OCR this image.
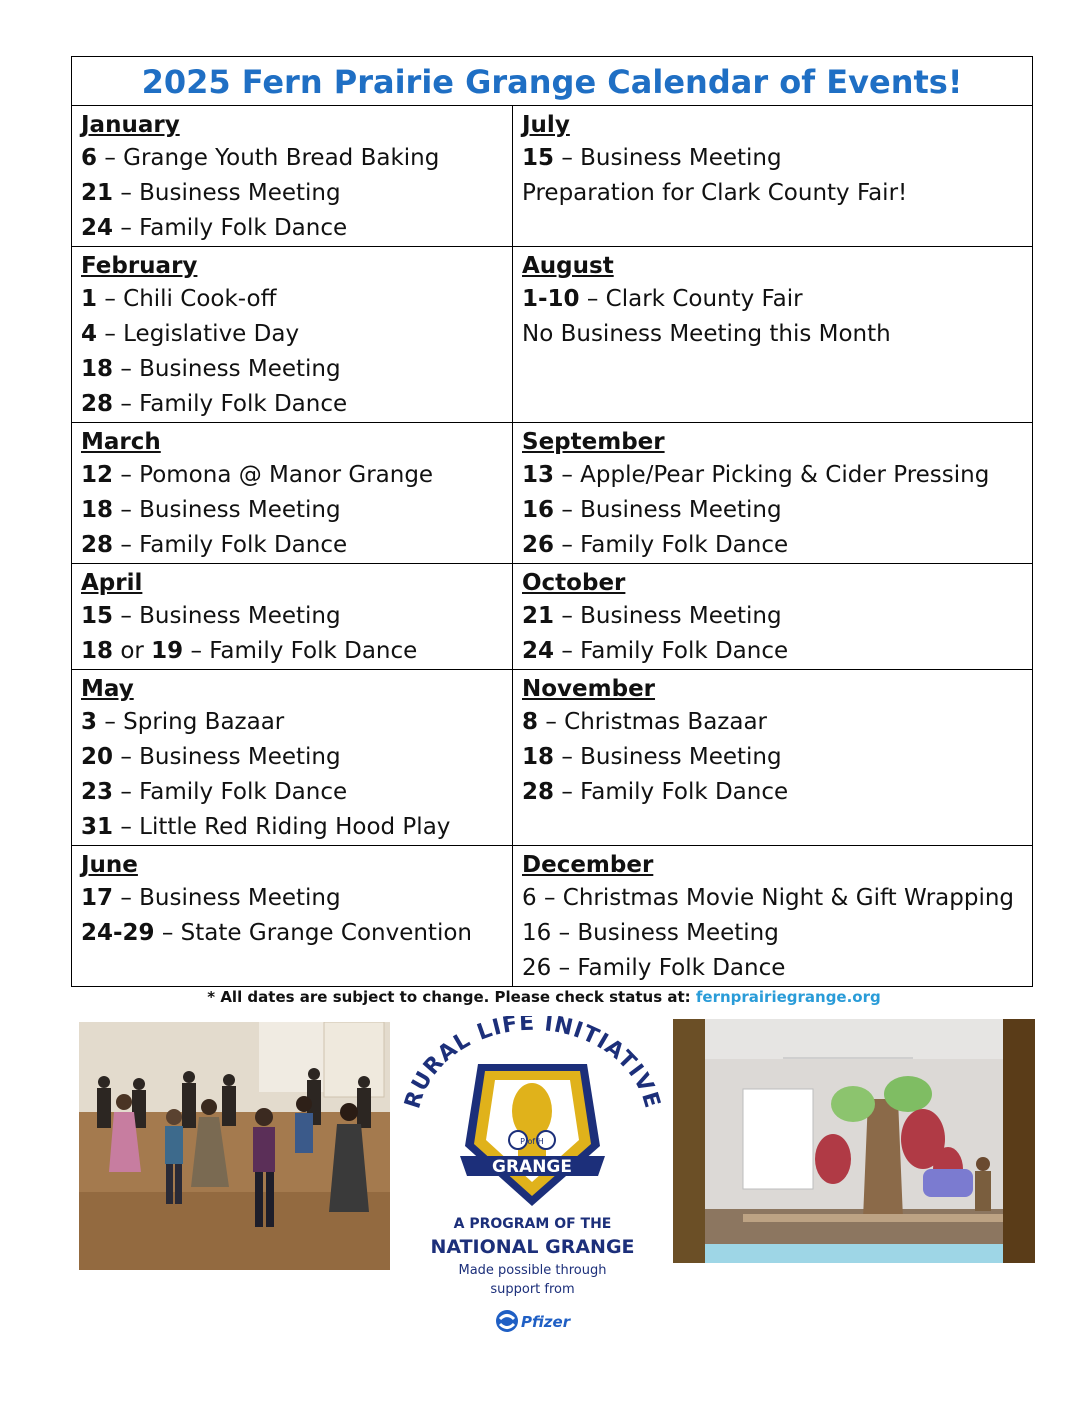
2025 Fern Prairie Grange Calendar of Events!
January
6 – Grange Youth Bread Baking
21 – Business Meeting
24 – Family Folk Dance
July
15 – Business Meeting
Preparation for Clark County Fair!
February
1 – Chili Cook-off
4 – Legislative Day
18 – Business Meeting
28 – Family Folk Dance
August
1-10 – Clark County Fair
No Business Meeting this Month
March
12 – Pomona @ Manor Grange
18 – Business Meeting
28 – Family Folk Dance
September
13 – Apple/Pear Picking & Cider Pressing
16 – Business Meeting
26 – Family Folk Dance
April
15 – Business Meeting
18 or 19 – Family Folk Dance
October
21 – Business Meeting
24 – Family Folk Dance
May
3 – Spring Bazaar
20 – Business Meeting
23 – Family Folk Dance
31 – Little Red Riding Hood Play
November
8 – Christmas Bazaar
18 – Business Meeting
28 – Family Folk Dance
June
17 – Business Meeting
24-29 – State Grange Convention
December
6 – Christmas Movie Night & Gift Wrapping
16 – Business Meeting
26 – Family Folk Dance
* All dates are subject to change. Please check status at: fernprairiegrange.org
RURAL LIFE INITIATIVE
P of H
GRANGE
A PROGRAM OF THE
NATIONAL GRANGE
Made possible through
support from
Pfizer
